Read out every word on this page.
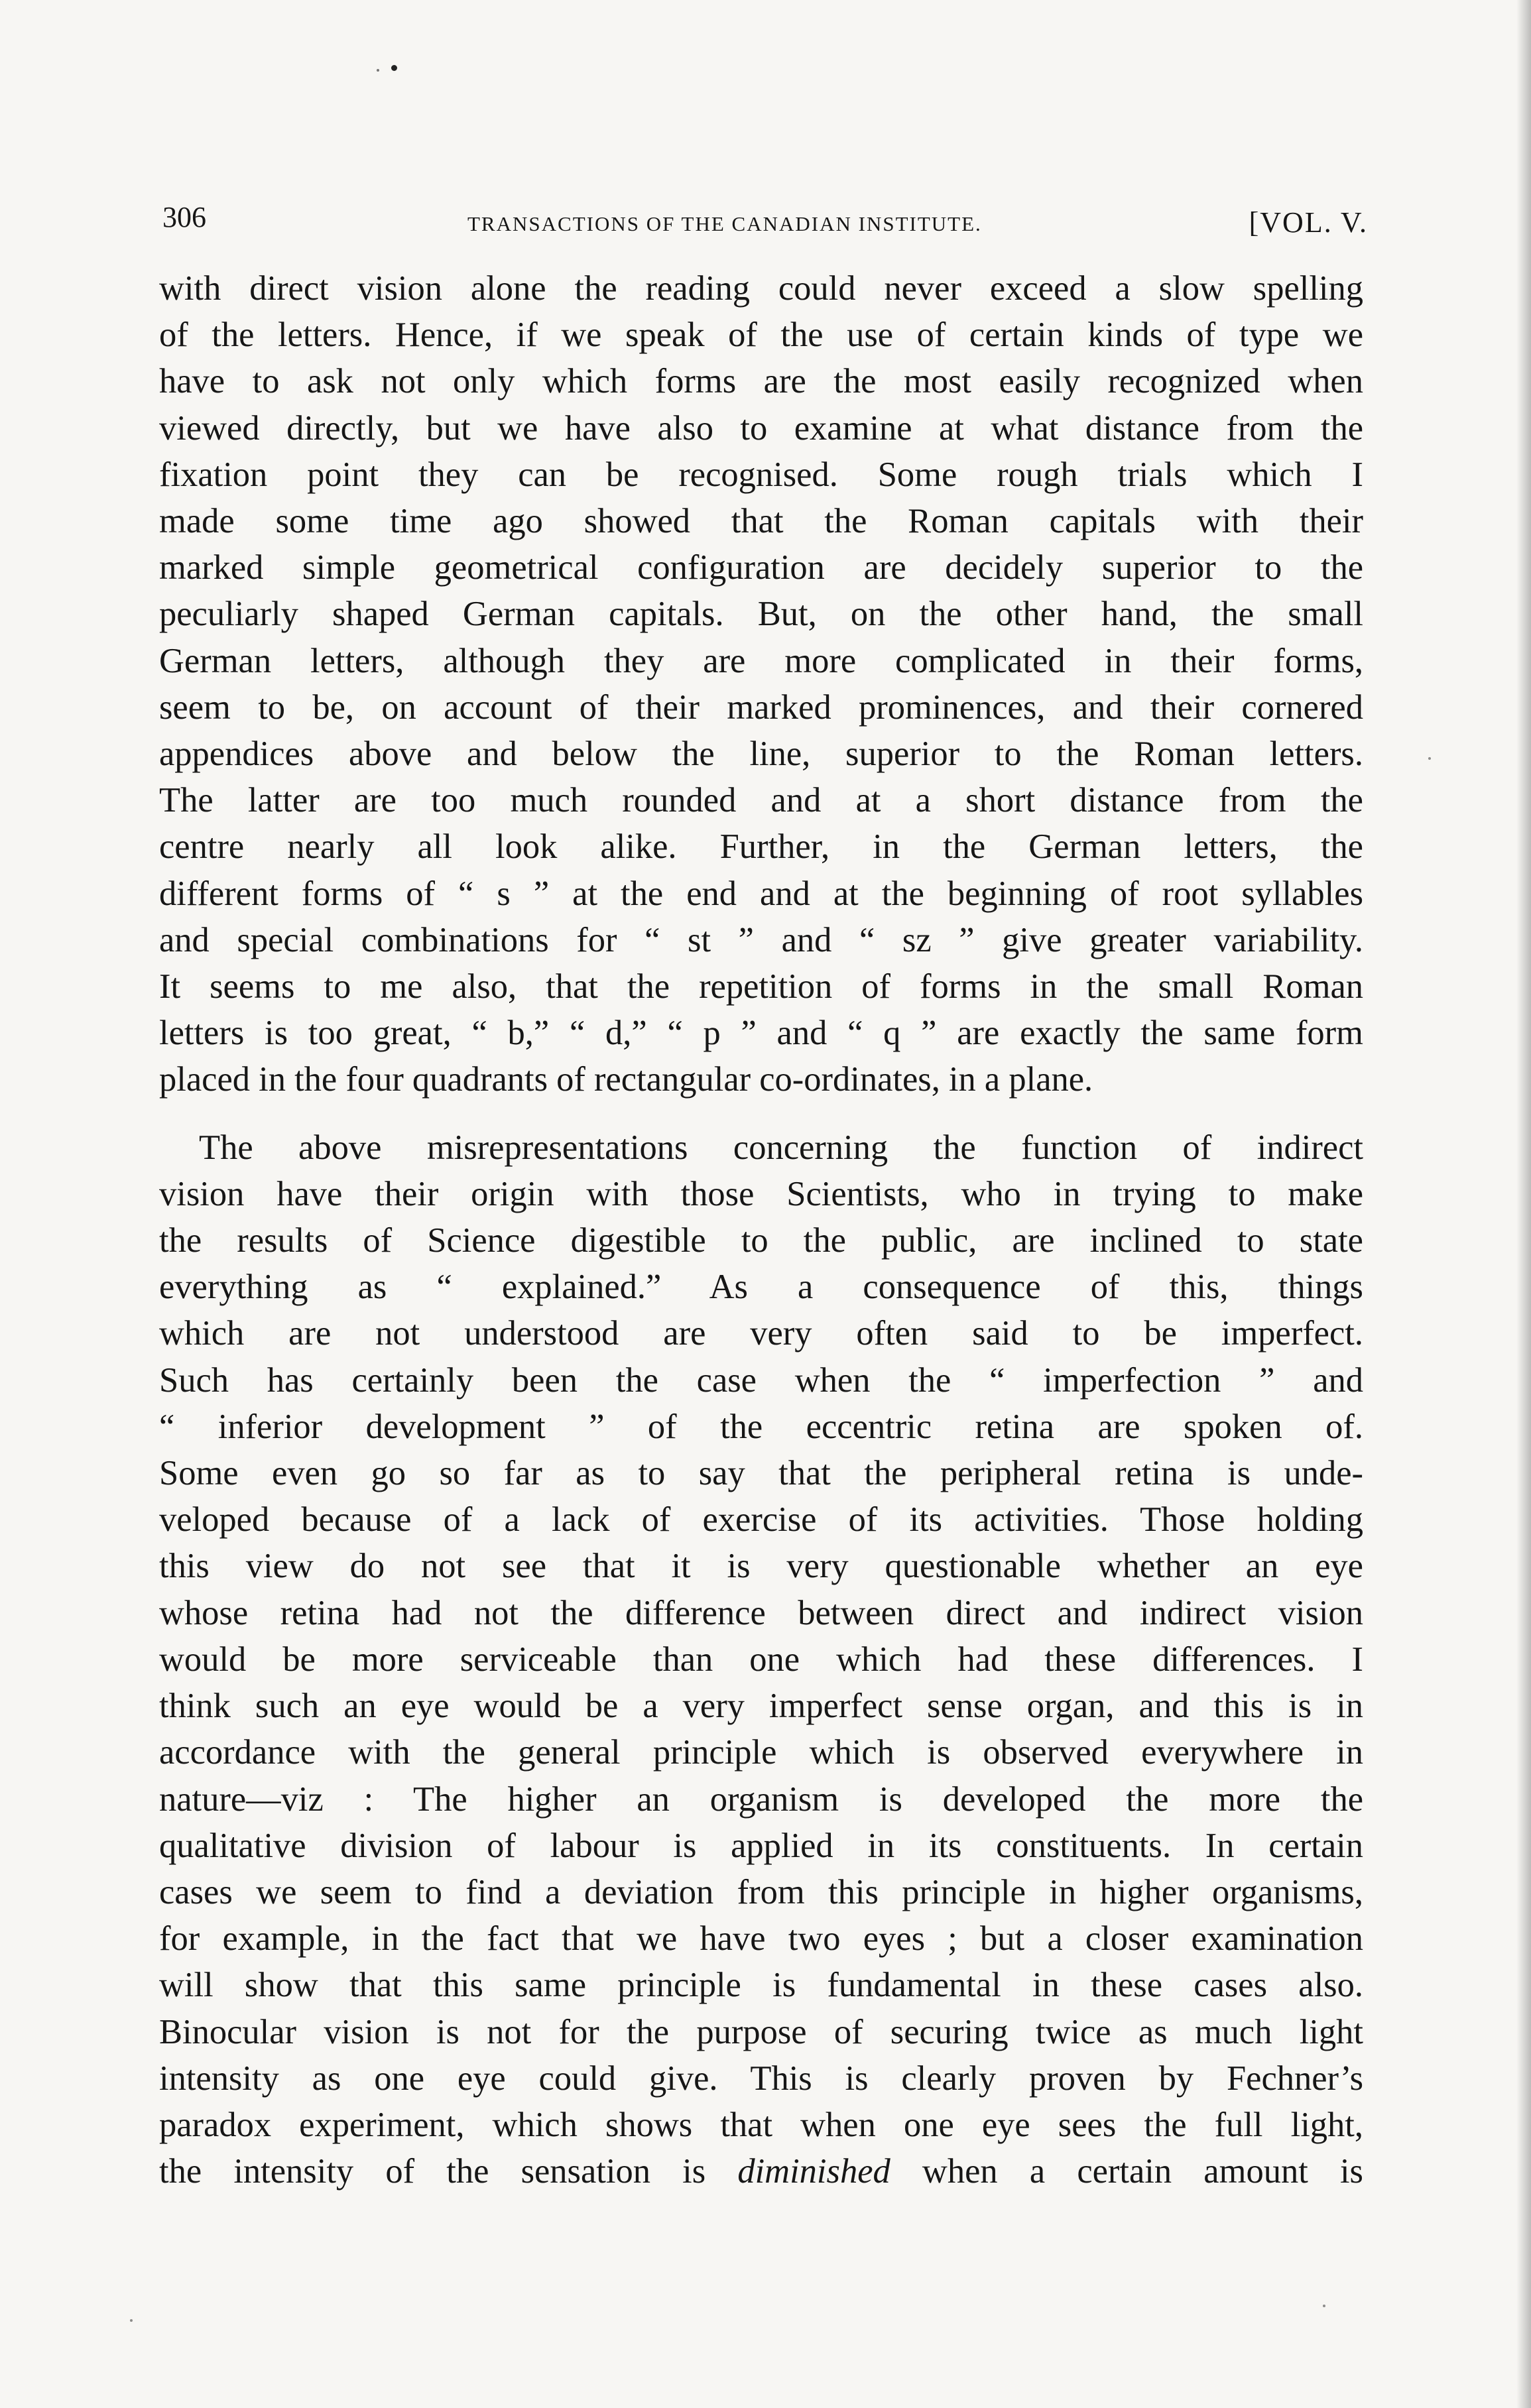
306	TRANSACTIONS OF THE CANADIAN INSTITUTE.	[VOL. V.
with direct vision alone the reading could never exceed a slow spelling
of the letters. Hence, if we speak of the use of certain kinds of type we
have to ask not only which forms are the most easily recognized when
viewed directly, but we have also to examine at what distance from the
fixation point they can be recognised. Some rough trials which I
made some time ago showed that the Roman capitals with their
marked simple geometrical configuration are decidely superior to the
peculiarly shaped German capitals. But, on the other hand, the small
German letters, although they are more complicated in their forms,
seem to be, on account of their marked prominences, and their cornered
appendices above and below the line, superior to the Roman letters.
The latter are too much rounded and at a short distance from the
centre nearly all look alike. Further, in the German letters, the
different forms of “ s ” at the end and at the beginning of root syllables
and special combinations for “ st ” and “ sz ” give greater variability.
It seems to me also, that the repetition of forms in the small Roman
letters is too great, “ b,” “ d,” “ p ” and “ q ” are exactly the same form
placed in the four quadrants of rectangular co-ordinates, in a plane.
The above misrepresentations concerning the function of indirect
vision have their origin with those Scientists, who in trying to make
the results of Science digestible to the public, are inclined to state
everything as “ explained.” As a consequence of this, things
which are not understood are very often said to be imperfect.
Such has certainly been the case when the “ imperfection ” and
“ inferior development ” of the eccentric retina are spoken of.
Some even go so far as to say that the peripheral retina is unde-
veloped because of a lack of exercise of its activities. Those holding
this view do not see that it is very questionable whether an eye
whose retina had not the difference between direct and indirect vision
would be more serviceable than one which had these differences. I
think such an eye would be a very imperfect sense organ, and this is in
accordance with the general principle which is observed everywhere in
nature—viz : The higher an organism is developed the more the
qualitative division of labour is applied in its constituents. In certain
cases we seem to find a deviation from this principle in higher organisms,
for example, in the fact that we have two eyes ; but a closer examination
will show that this same principle is fundamental in these cases also.
Binocular vision is not for the purpose of securing twice as much light
intensity as one eye could give. This is clearly proven by Fechner’s
paradox experiment, which shows that when one eye sees the full light,
the intensity of the sensation is diminished when a certain amount is
